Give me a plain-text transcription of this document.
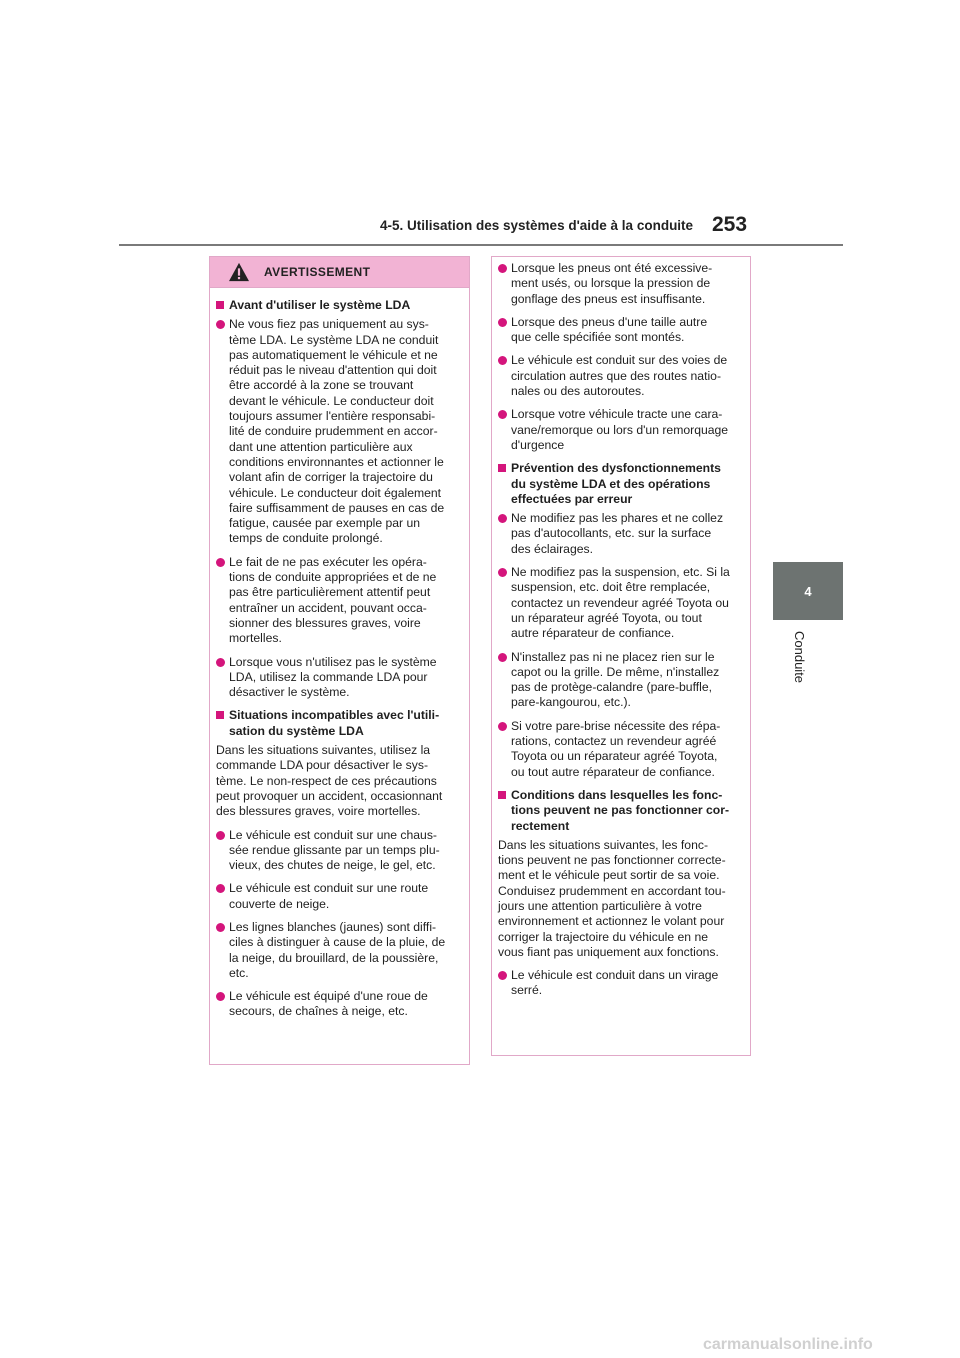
4-5. Utilisation des systèmes d'aide à la conduite 253
4
Conduite
AVERTISSEMENT
Avant d'utiliser le système LDA
Ne vous fiez pas uniquement au sys-
tème LDA. Le système LDA ne conduit
pas automatiquement le véhicule et ne
réduit pas le niveau d'attention qui doit
être accordé à la zone se trouvant
devant le véhicule. Le conducteur doit
toujours assumer l'entière responsabi-
lité de conduire prudemment en accor-
dant une attention particulière aux
conditions environnantes et actionner le
volant afin de corriger la trajectoire du
véhicule. Le conducteur doit également
faire suffisamment de pauses en cas de
fatigue, causée par exemple par un
temps de conduite prolongé.
Le fait de ne pas exécuter les opéra-
tions de conduite appropriées et de ne
pas être particulièrement attentif peut
entraîner un accident, pouvant occa-
sionner des blessures graves, voire
mortelles.
Lorsque vous n'utilisez pas le système
LDA, utilisez la commande LDA pour
désactiver le système.
Situations incompatibles avec l'utili-
sation du système LDA
Dans les situations suivantes, utilisez la
commande LDA pour désactiver le sys-
tème. Le non-respect de ces précautions
peut provoquer un accident, occasionnant
des blessures graves, voire mortelles.
Le véhicule est conduit sur une chaus-
sée rendue glissante par un temps plu-
vieux, des chutes de neige, le gel, etc.
Le véhicule est conduit sur une route
couverte de neige.
Les lignes blanches (jaunes) sont diffi-
ciles à distinguer à cause de la pluie, de
la neige, du brouillard, de la poussière,
etc.
Le véhicule est équipé d'une roue de
secours, de chaînes à neige, etc.
Lorsque les pneus ont été excessive-
ment usés, ou lorsque la pression de
gonflage des pneus est insuffisante.
Lorsque des pneus d'une taille autre
que celle spécifiée sont montés.
Le véhicule est conduit sur des voies de
circulation autres que des routes natio-
nales ou des autoroutes.
Lorsque votre véhicule tracte une cara-
vane/remorque ou lors d'un remorquage
d'urgence
Prévention des dysfonctionnements
du système LDA et des opérations
effectuées par erreur
Ne modifiez pas les phares et ne collez
pas d'autocollants, etc. sur la surface
des éclairages.
Ne modifiez pas la suspension, etc. Si la
suspension, etc. doit être remplacée,
contactez un revendeur agréé Toyota ou
un réparateur agréé Toyota, ou tout
autre réparateur de confiance.
N'installez pas ni ne placez rien sur le
capot ou la grille. De même, n'installez
pas de protège-calandre (pare-buffle,
pare-kangourou, etc.).
Si votre pare-brise nécessite des répa-
rations, contactez un revendeur agréé
Toyota ou un réparateur agréé Toyota,
ou tout autre réparateur de confiance.
Conditions dans lesquelles les fonc-
tions peuvent ne pas fonctionner cor-
rectement
Dans les situations suivantes, les fonc-
tions peuvent ne pas fonctionner correcte-
ment et le véhicule peut sortir de sa voie.
Conduisez prudemment en accordant tou-
jours une attention particulière à votre
environnement et actionnez le volant pour
corriger la trajectoire du véhicule en ne
vous fiant pas uniquement aux fonctions.
Le véhicule est conduit dans un virage
serré.
carmanualsonline.info
